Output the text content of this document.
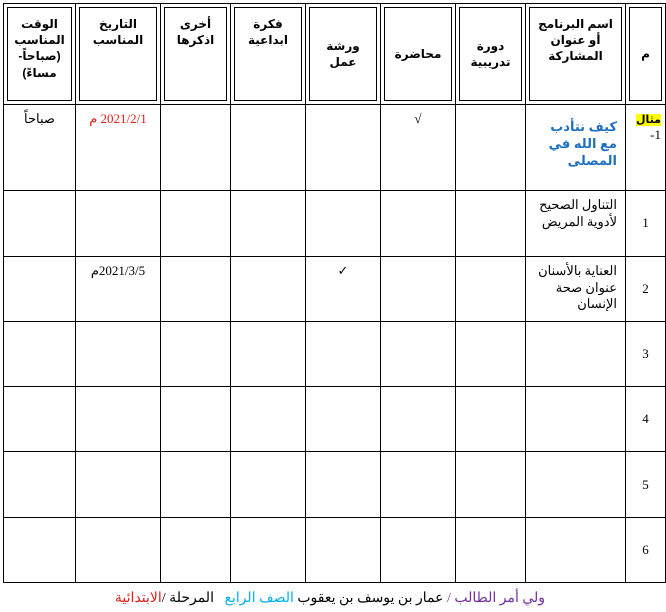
م	اسم البرنامج أو عنوان المشاركة	دورة تدريبية	محاضرة	ورشة عمل	فكرة ابداعية	أخرى اذكرها	التاريخ المناسب	الوقت المناسب (صباحاً- مساءً)

مثال
1-	كيف نتأدب مع الله في المصلى		√				2021/2/1 م	صباحاً
1	التناول الصحيح لأدوية المريض							
2	العناية بالأسنان عنوان صحة الإنسان			✓			2021/3/5م	
3								
4								
5								
6								
ولي أمر الطالب / عمار بن يوسف بن يعقوب الصف الرابع   المرحلة /الابتدائية
